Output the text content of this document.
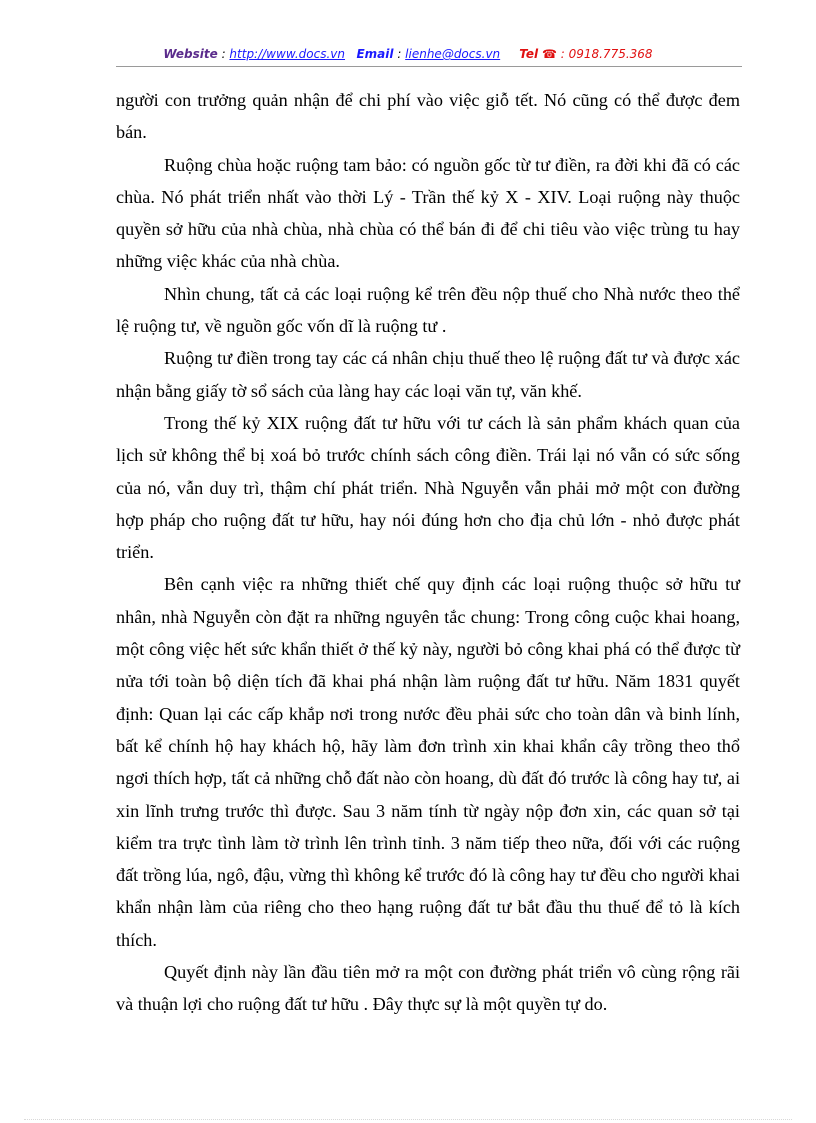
Website : http://www.docs.vn Email : lienhe@docs.vn Tel ☎ : 0918.775.368

người con trưởng quản nhận để chi phí vào việc giỗ tết. Nó cũng có thể được đem bán.

Ruộng chùa hoặc ruộng tam bảo: có nguồn gốc từ tư điền, ra đời khi đã có các chùa. Nó phát triển nhất vào thời Lý - Trần thế kỷ X - XIV. Loại ruộng này thuộc quyền sở hữu của nhà chùa, nhà chùa có thể bán đi để chi tiêu vào việc trùng tu hay những việc khác của nhà chùa.

Nhìn chung, tất cả các loại ruộng kể trên đều nộp thuế cho Nhà nước theo thể lệ ruộng tư, về nguồn gốc vốn dĩ là ruộng tư .

Ruộng tư điền trong tay các cá nhân chịu thuế theo lệ ruộng đất tư và được xác nhận bằng giấy tờ sổ sách của làng hay các loại văn tự, văn khế.

Trong thế kỷ XIX ruộng đất tư hữu với tư cách là sản phẩm khách quan của lịch sử không thể bị xoá bỏ trước chính sách công điền. Trái lại nó vẫn có sức sống của nó, vẫn duy trì, thậm chí phát triển. Nhà Nguyễn vẫn phải mở một con đường hợp pháp cho ruộng đất tư hữu, hay nói đúng hơn cho địa chủ lớn - nhỏ được phát triển.

Bên cạnh việc ra những thiết chế quy định các loại ruộng thuộc sở hữu tư nhân, nhà Nguyễn còn đặt ra những nguyên tắc chung: Trong công cuộc khai hoang, một công việc hết sức khẩn thiết ở thế kỷ này, người bỏ công khai phá có thể được từ nửa tới toàn bộ diện tích đã khai phá nhận làm ruộng đất tư hữu. Năm 1831 quyết định: Quan lại các cấp khắp nơi trong nước đều phải sức cho toàn dân và binh lính, bất kể chính hộ hay khách hộ, hãy làm đơn trình xin khai khẩn cây trồng theo thổ ngơi thích hợp, tất cả những chỗ đất nào còn hoang, dù đất đó trước là công hay tư, ai xin lĩnh trưng trước thì được. Sau 3 năm tính từ ngày nộp đơn xin, các quan sở tại kiểm tra trực tình làm tờ trình lên trình tỉnh. 3 năm tiếp theo nữa, đối với các ruộng đất trồng lúa, ngô, đậu, vừng thì không kể trước đó là công hay tư đều cho người khai khẩn nhận làm của riêng cho theo hạng ruộng đất tư bắt đầu thu thuế để tỏ là kích thích.

Quyết định này lần đầu tiên mở ra một con đường phát triển vô cùng rộng rãi và thuận lợi cho ruộng đất tư hữu . Đây thực sự là một quyền tự do.
